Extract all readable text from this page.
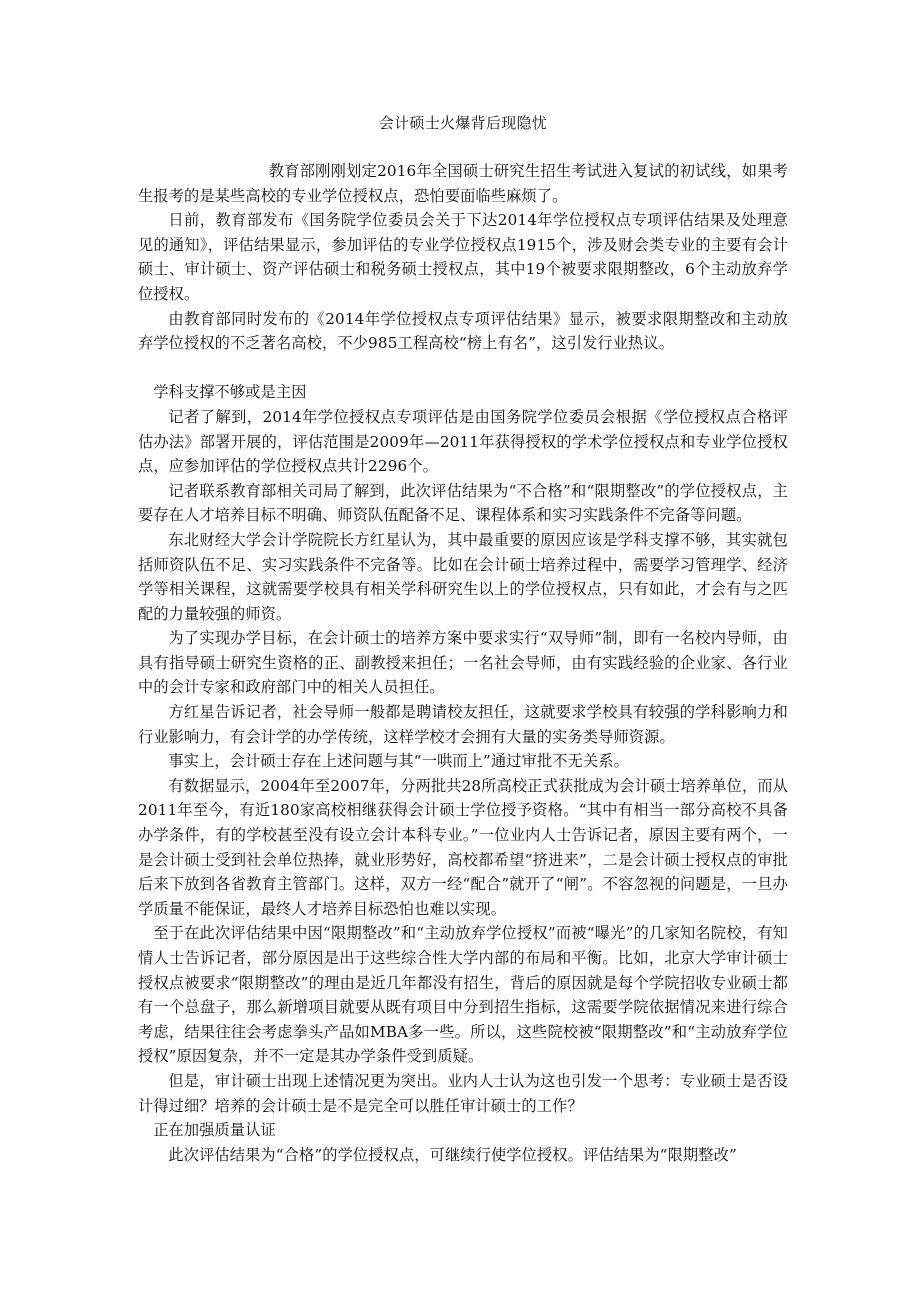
会计硕士火爆背后现隐忧

教育部刚刚划定2016年全国硕士研究生招生考试进入复试的初试线，如果考生报考的是某些高校的专业学位授权点，恐怕要面临些麻烦了。

日前，教育部发布《国务院学位委员会关于下达2014年学位授权点专项评估结果及处理意见的通知》，评估结果显示，参加评估的专业学位授权点1915个，涉及财会类专业的主要有会计硕士、审计硕士、资产评估硕士和税务硕士授权点，其中19个被要求限期整改，6个主动放弃学位授权。

由教育部同时发布的《2014年学位授权点专项评估结果》显示，被要求限期整改和主动放弃学位授权的不乏著名高校，不少985工程高校“榜上有名”，这引发行业热议。

学科支撑不够或是主因

记者了解到，2014年学位授权点专项评估是由国务院学位委员会根据《学位授权点合格评估办法》部署开展的，评估范围是2009年—2011年获得授权的学术学位授权点和专业学位授权点，应参加评估的学位授权点共计2296个。

记者联系教育部相关司局了解到，此次评估结果为“不合格”和“限期整改”的学位授权点，主要存在人才培养目标不明确、师资队伍配备不足、课程体系和实习实践条件不完备等问题。

东北财经大学会计学院院长方红星认为，其中最重要的原因应该是学科支撑不够，其实就包括师资队伍不足、实习实践条件不完备等。比如在会计硕士培养过程中，需要学习管理学、经济学等相关课程，这就需要学校具有相关学科研究生以上的学位授权点，只有如此，才会有与之匹配的力量较强的师资。

为了实现办学目标，在会计硕士的培养方案中要求实行“双导师”制，即有一名校内导师，由具有指导硕士研究生资格的正、副教授来担任；一名社会导师，由有实践经验的企业家、各行业中的会计专家和政府部门中的相关人员担任。

方红星告诉记者，社会导师一般都是聘请校友担任，这就要求学校具有较强的学科影响力和行业影响力，有会计学的办学传统，这样学校才会拥有大量的实务类导师资源。

事实上，会计硕士存在上述问题与其“一哄而上”通过审批不无关系。

有数据显示，2004年至2007年，分两批共28所高校正式获批成为会计硕士培养单位，而从2011年至今，有近180家高校相继获得会计硕士学位授予资格。“其中有相当一部分高校不具备办学条件，有的学校甚至没有设立会计本科专业。”一位业内人士告诉记者，原因主要有两个，一是会计硕士受到社会单位热捧，就业形势好，高校都希望“挤进来”，二是会计硕士授权点的审批后来下放到各省教育主管部门。这样，双方一经“配合”就开了“闸”。不容忽视的问题是，一旦办学质量不能保证，最终人才培养目标恐怕也难以实现。

至于在此次评估结果中因“限期整改”和“主动放弃学位授权”而被“曝光”的几家知名院校，有知情人士告诉记者，部分原因是出于这些综合性大学内部的布局和平衡。比如，北京大学审计硕士授权点被要求“限期整改”的理由是近几年都没有招生，背后的原因就是每个学院招收专业硕士都有一个总盘子，那么新增项目就要从既有项目中分到招生指标，这需要学院依据情况来进行综合考虑，结果往往会考虑拳头产品如MBA多一些。所以，这些院校被“限期整改”和“主动放弃学位授权”原因复杂，并不一定是其办学条件受到质疑。

但是，审计硕士出现上述情况更为突出。业内人士认为这也引发一个思考：专业硕士是否设计得过细？培养的会计硕士是不是完全可以胜任审计硕士的工作？

正在加强质量认证

此次评估结果为“合格”的学位授权点，可继续行使学位授权。评估结果为“限期整改”
